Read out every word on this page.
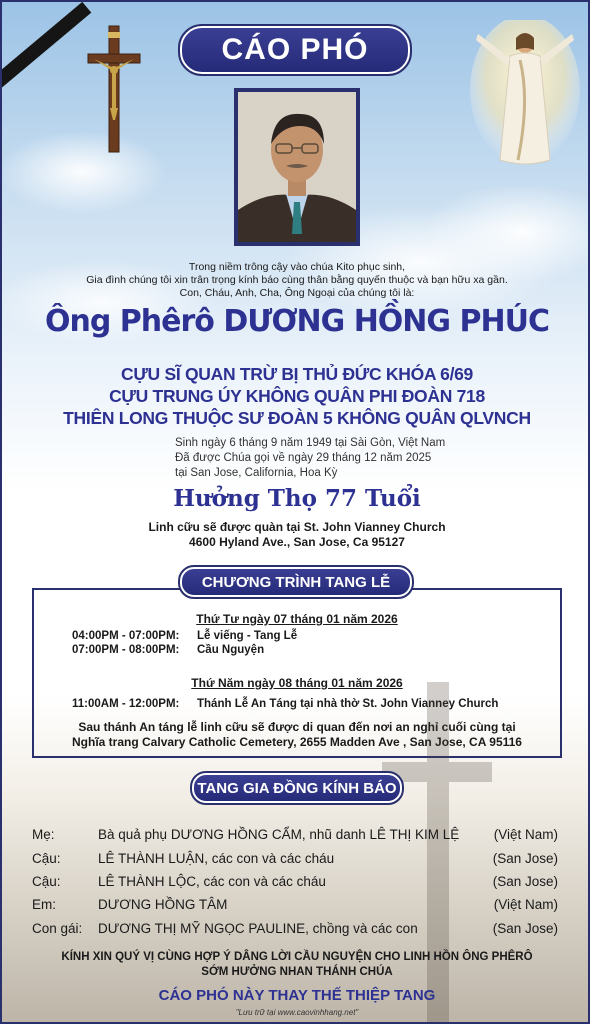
CÁO PHÓ
Trong niềm trông cậy vào chúa Kito phục sinh,
Gia đình chúng tôi xin trân trọng kính báo cùng thân bằng quyến thuộc và bạn hữu xa gần.
Con, Cháu, Anh, Cha, Ông Ngoại của chúng tôi là:
Ông Phêrô DƯƠNG HỒNG PHÚC
CỰU SĨ QUAN TRỪ BỊ THỦ ĐỨC KHÓA 6/69
CỰU TRUNG ÚY KHÔNG QUÂN PHI ĐOÀN 718
THIÊN LONG THUỘC SƯ ĐOÀN 5 KHÔNG QUÂN QLVNCH
Sinh ngày 6 tháng 9 năm 1949 tại Sài Gòn, Việt Nam
Đã được Chúa gọi về ngày 29 tháng 12 năm 2025
tại San Jose, California, Hoa Kỳ
Hưởng Thọ 77 Tuổi
Linh cữu sẽ được quàn tại St. John Vianney Church
4600 Hyland Ave., San Jose, Ca 95127
CHƯƠNG TRÌNH TANG LỄ
Thứ Tư ngày 07 tháng 01 năm 2026
04:00PM - 07:00PM: Lễ viếng - Tang Lễ
07:00PM - 08:00PM: Cầu Nguyện
Thứ Năm ngày 08 tháng 01 năm 2026
11:00AM - 12:00PM: Thánh Lễ An Táng tại nhà thờ St. John Vianney Church
Sau thánh An táng lễ linh cữu sẽ được di quan đến nơi an nghỉ cuối cùng tại
Nghĩa trang Calvary Catholic Cemetery, 2655 Madden Ave , San Jose, CA 95116
TANG GIA ĐỒNG KÍNH BÁO
Mẹ:	Bà quả phụ DƯƠNG HỒNG CẨM, nhũ danh LÊ THỊ KIM LỆ	(Việt Nam)
Cậu:	LÊ THÀNH LUẬN, các con và các cháu	(San Jose)
Cậu:	LÊ THÀNH LỘC, các con và các cháu	(San Jose)
Em:	DƯƠNG HỒNG TÂM	(Việt Nam)
Con gái:	DƯƠNG THỊ MỸ NGỌC PAULINE, chồng và các con	(San Jose)
KÍNH XIN QUÝ VỊ CÙNG HỢP Ý DÂNG LỜI CẦU NGUYỆN CHO LINH HỒN ÔNG PHÊRÔ
SỚM HƯỞNG NHAN THÁNH CHÚA
CÁO PHÓ NÀY THAY THẾ THIỆP TANG
"Lưu trữ tại www.caovinhhang.net"
